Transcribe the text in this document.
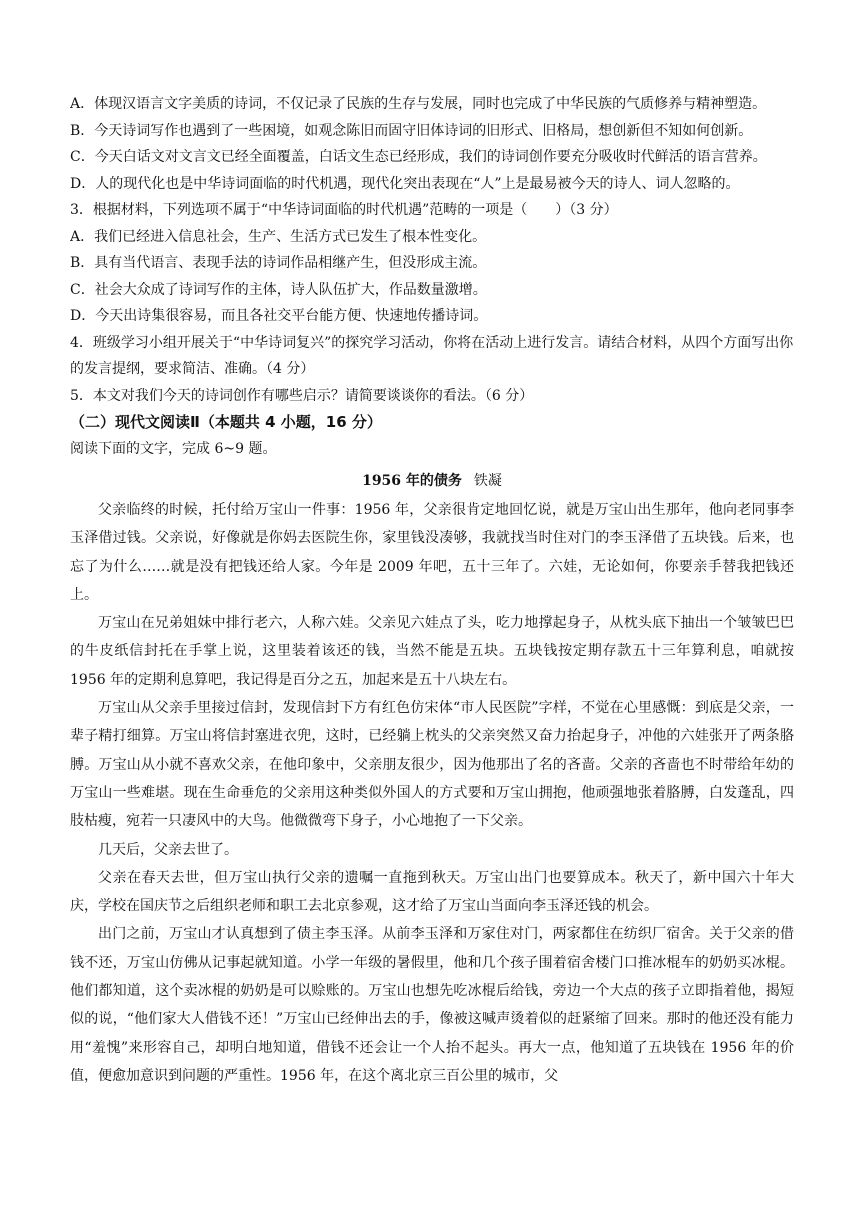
A．体现汉语言文字美质的诗词，不仅记录了民族的生存与发展，同时也完成了中华民族的气质修养与精神塑造。
B．今天诗词写作也遇到了一些困境，如观念陈旧而固守旧体诗词的旧形式、旧格局，想创新但不知如何创新。
C．今天白话文对文言文已经全面覆盖，白话文生态已经形成，我们的诗词创作要充分吸收时代鲜活的语言营养。
D．人的现代化也是中华诗词面临的时代机遇，现代化突出表现在“人”上是最易被今天的诗人、词人忽略的。
3．根据材料，下列选项不属于“中华诗词面临的时代机遇”范畴的一项是（　　）（3 分）
A．我们已经进入信息社会，生产、生活方式已发生了根本性变化。
B．具有当代语言、表现手法的诗词作品相继产生，但没形成主流。
C．社会大众成了诗词写作的主体，诗人队伍扩大，作品数量激增。
D．今天出诗集很容易，而且各社交平台能方便、快速地传播诗词。
4．班级学习小组开展关于“中华诗词复兴”的探究学习活动，你将在活动上进行发言。请结合材料，从四个方面写出你的发言提纲，要求简洁、准确。（4 分）
5．本文对我们今天的诗词创作有哪些启示？请简要谈谈你的看法。（6 分）
（二）现代文阅读Ⅱ（本题共 4 小题，16 分）
阅读下面的文字，完成 6~9 题。
1956 年的债务 铁凝

父亲临终的时候，托付给万宝山一件事：1956 年，父亲很肯定地回忆说，就是万宝山出生那年，他向老同事李玉泽借过钱。父亲说，好像就是你妈去医院生你，家里钱没凑够，我就找当时住对门的李玉泽借了五块钱。后来，也忘了为什么……就是没有把钱还给人家。今年是 2009 年吧，五十三年了。六娃，无论如何，你要亲手替我把钱还上。

万宝山在兄弟姐妹中排行老六，人称六娃。父亲见六娃点了头，吃力地撑起身子，从枕头底下抽出一个皱皱巴巴的牛皮纸信封托在手掌上说，这里装着该还的钱，当然不能是五块。五块钱按定期存款五十三年算利息，咱就按 1956 年的定期利息算吧，我记得是百分之五，加起来是五十八块左右。

万宝山从父亲手里接过信封，发现信封下方有红色仿宋体“市人民医院”字样，不觉在心里感慨：到底是父亲，一辈子精打细算。万宝山将信封塞进衣兜，这时，已经躺上枕头的父亲突然又奋力抬起身子，冲他的六娃张开了两条胳膊。万宝山从小就不喜欢父亲，在他印象中，父亲朋友很少，因为他那出了名的吝啬。父亲的吝啬也不时带给年幼的万宝山一些难堪。现在生命垂危的父亲用这种类似外国人的方式要和万宝山拥抱，他顽强地张着胳膊，白发蓬乱，四肢枯瘦，宛若一只凄风中的大鸟。他微微弯下身子，小心地抱了一下父亲。

几天后，父亲去世了。

父亲在春天去世，但万宝山执行父亲的遗嘱一直拖到秋天。万宝山出门也要算成本。秋天了，新中国六十年大庆，学校在国庆节之后组织老师和职工去北京参观，这才给了万宝山当面向李玉泽还钱的机会。

出门之前，万宝山才认真想到了债主李玉泽。从前李玉泽和万家住对门，两家都住在纺织厂宿舍。关于父亲的借钱不还，万宝山仿佛从记事起就知道。小学一年级的暑假里，他和几个孩子围着宿舍楼门口推冰棍车的奶奶买冰棍。他们都知道，这个卖冰棍的奶奶是可以赊账的。万宝山也想先吃冰棍后给钱，旁边一个大点的孩子立即指着他，揭短似的说，“他们家大人借钱不还！”万宝山已经伸出去的手，像被这喊声烫着似的赶紧缩了回来。那时的他还没有能力用“羞愧”来形容自己，却明白地知道，借钱不还会让一个人抬不起头。再大一点，他知道了五块钱在 1956 年的价值，便愈加意识到问题的严重性。1956 年，在这个离北京三百公里的城市，父
